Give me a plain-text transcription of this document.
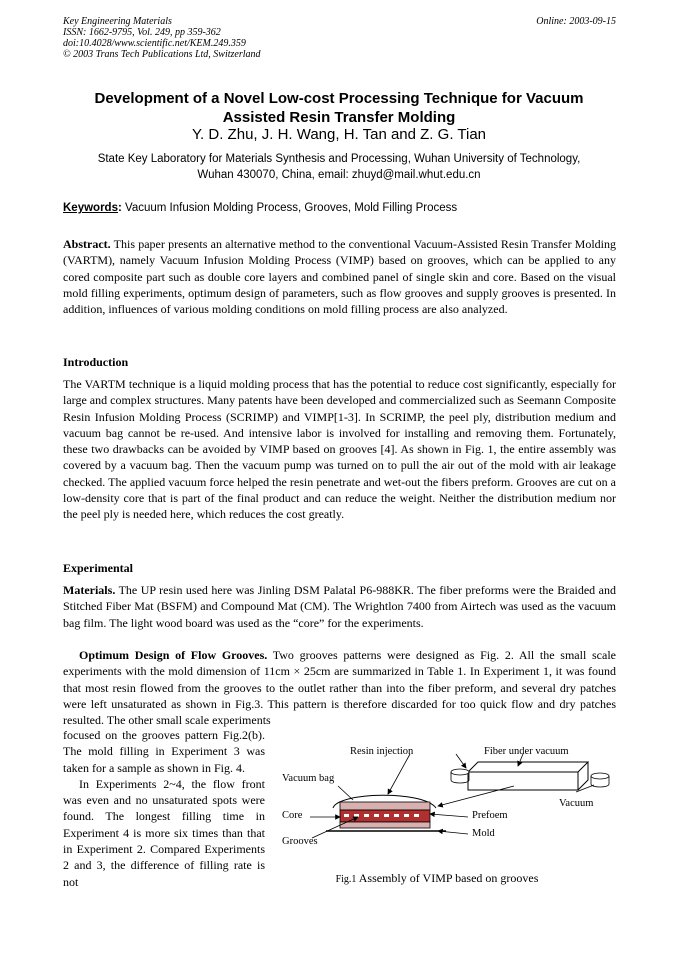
Key Engineering Materials
ISSN: 1662-9795, Vol. 249, pp 359-362
doi:10.4028/www.scientific.net/KEM.249.359
© 2003 Trans Tech Publications Ltd, Switzerland
Online: 2003-09-15
Development of a Novel Low-cost Processing Technique for Vacuum
Assisted Resin Transfer Molding
Y. D. Zhu, J. H. Wang, H. Tan and Z. G. Tian
State Key Laboratory for Materials Synthesis and Processing, Wuhan University of Technology,
Wuhan 430070, China, email: zhuyd@mail.whut.edu.cn
Keywords: Vacuum Infusion Molding Process, Grooves, Mold Filling Process

Abstract. This paper presents an alternative method to the conventional Vacuum-Assisted Resin Transfer Molding (VARTM), namely Vacuum Infusion Molding Process (VIMP) based on grooves, which can be applied to any cored composite part such as double core layers and combined panel of single skin and core. Based on the visual mold filling experiments, optimum design of parameters, such as flow grooves and supply grooves is presented. In addition, influences of various molding conditions on mold filling process are also analyzed.

Introduction

The VARTM technique is a liquid molding process that has the potential to reduce cost significantly, especially for large and complex structures. Many patents have been developed and commercialized such as Seemann Composite Resin Infusion Molding Process (SCRIMP) and VIMP[1-3]. In SCRIMP, the peel ply, distribution medium and vacuum bag cannot be re-used. And intensive labor is involved for installing and removing them. Fortunately, these two drawbacks can be avoided by VIMP based on grooves [4]. As shown in Fig. 1, the entire assembly was covered by a vacuum bag. Then the vacuum pump was turned on to pull the air out of the mold with air leakage checked. The applied vacuum force helped the resin penetrate and wet-out the fibers preform. Grooves are cut on a low-density core that is part of the final product and can reduce the weight. Neither the distribution medium nor the peel ply is needed here, which reduces the cost greatly.

Experimental

Materials. The UP resin used here was Jinling DSM Palatal P6-988KR. The fiber preforms were the Braided and Stitched Fiber Mat (BSFM) and Compound Mat (CM). The Wrightlon 7400 from Airtech was used as the vacuum bag film. The light wood board was used as the “core” for the experiments.

Optimum Design of Flow Grooves. Two grooves patterns were designed as Fig. 2. All the small scale experiments with the mold dimension of 11cm × 25cm are summarized in Table 1. In Experiment 1, it was found that most resin flowed from the grooves to the outlet rather than into the fiber preform, and several dry patches were left unsaturated as shown in Fig.3. This pattern is therefore discarded for too quick flow and dry patches resulted. The other small scale experiments

focused on the grooves pattern Fig.2(b). The mold filling in Experiment 3 was taken for a sample as shown in Fig. 4.

In Experiments 2~4, the flow front was even and no unsaturated spots were found. The longest filling time in Experiment 4 is more six times than that in Experiment 2. Compared Experiments 2 and 3, the difference of filling rate is not

Resin injection	Fiber under vacuum
Vacuum bag
Vacuum
Core	Prefoem
Mold
Grooves
Fig.1 Assembly of VIMP based on grooves
